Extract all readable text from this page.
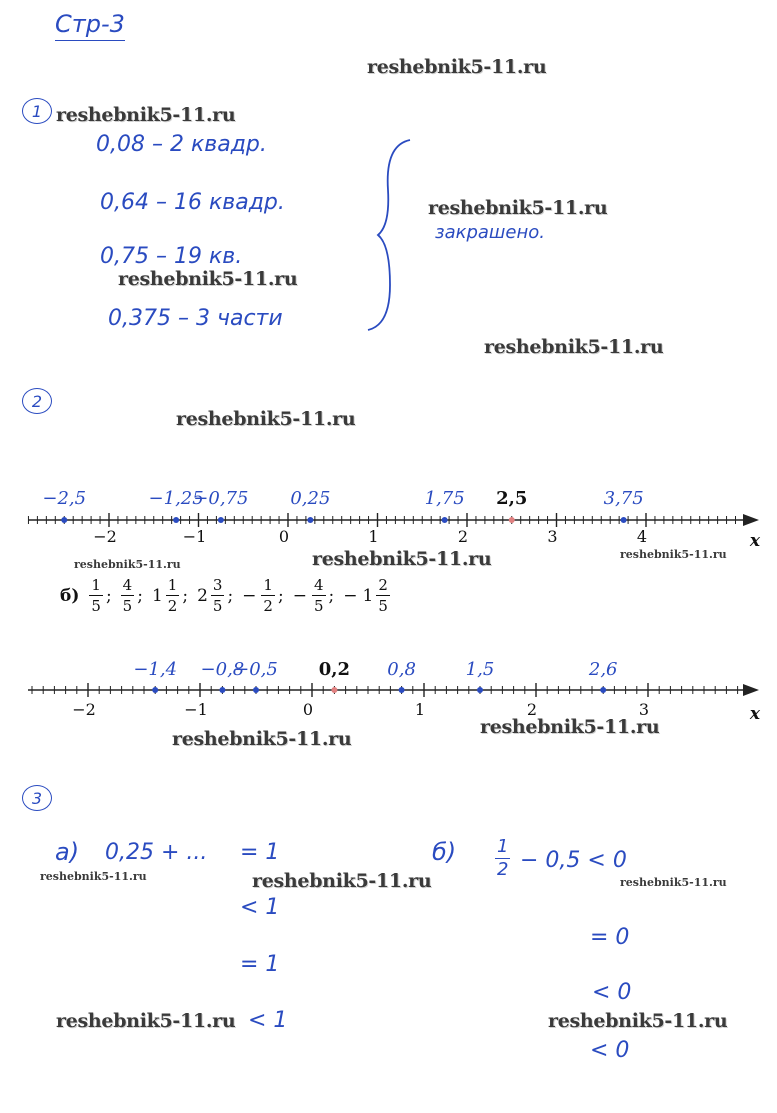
Стр-3
reshebnik5-11.ru
reshebnik5-11.ru
reshebnik5-11.ru
reshebnik5-11.ru
reshebnik5-11.ru
reshebnik5-11.ru
reshebnik5-11.ru
reshebnik5-11.ru
reshebnik5-11.ru
reshebnik5-11.ru
reshebnik5-11.ru
reshebnik5-11.ru	reshebnik5-11.ru	reshebnik5-11.ru
reshebnik5-11.ru	reshebnik5-11.ru
1
0,08 – 2 квадр.
0,64 – 16 квадр.
0,75 – 19 кв.
0,375 – 3 части
закрашено.
2
−2	−1	0	1	2	3	4	x
−2,5	−1,25
−0,75 0,25	1,75 2,5	3,75
$б) \frac{1}{5}$ ; $\frac{4}{5}$ ; $1 \frac{1}{2}$ ; $2 \frac{3}{5}$ ; − $\frac{1}{2}$ ; − $\frac{4}{5}$ ; − $1 \frac{2}{5}$
−2	−1	0	1	2	3	x
−1,4 −0,8
−0,5 0,2 0,8	1,5	2,6
3
а) 0,25 + ... = 1
< 1
= 1
< 1
$б) \frac{1}{2} - 0,5 < 0$
= 0
< 0
< 0
